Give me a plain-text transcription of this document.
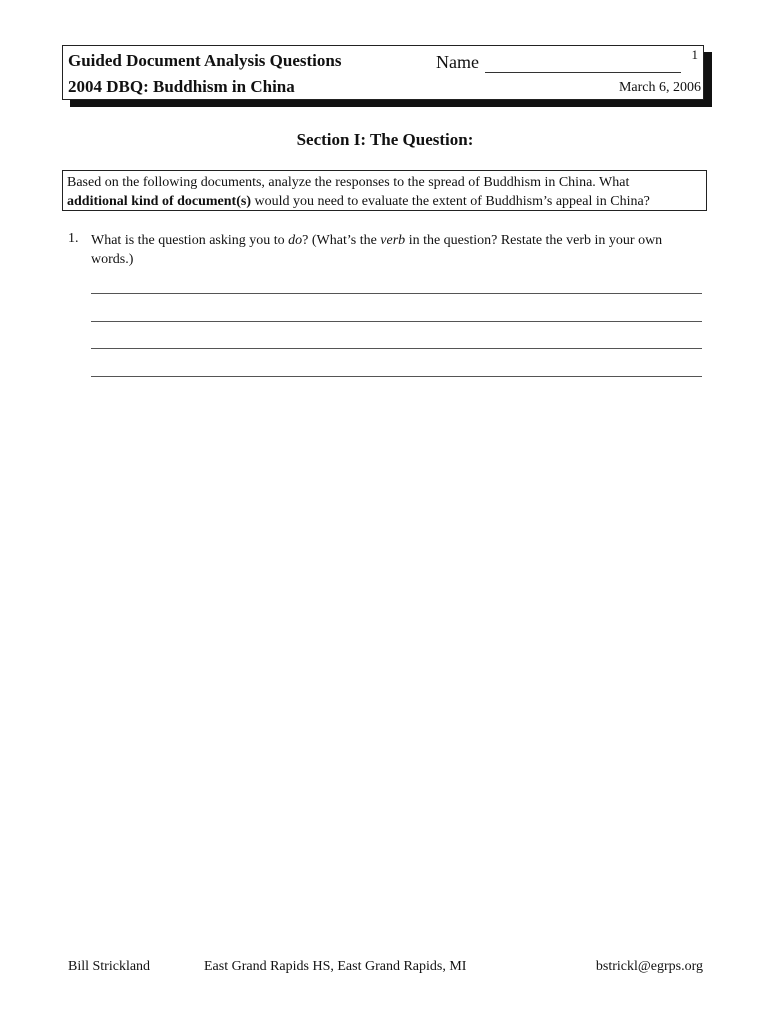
Guided Document Analysis Questions
2004 DBQ: Buddhism in China
Name	1
March 6, 2006
Section I: The Question:
Based on the following documents, analyze the responses to the spread of Buddhism in China. What
additional kind of document(s) would you need to evaluate the extent of Buddhism’s appeal in China?
1. What is the question asking you to do? (What’s the verb in the question? Restate the verb in your own words.)
Bill Strickland	East Grand Rapids HS, East Grand Rapids, MI	bstrickl@egrps.org
